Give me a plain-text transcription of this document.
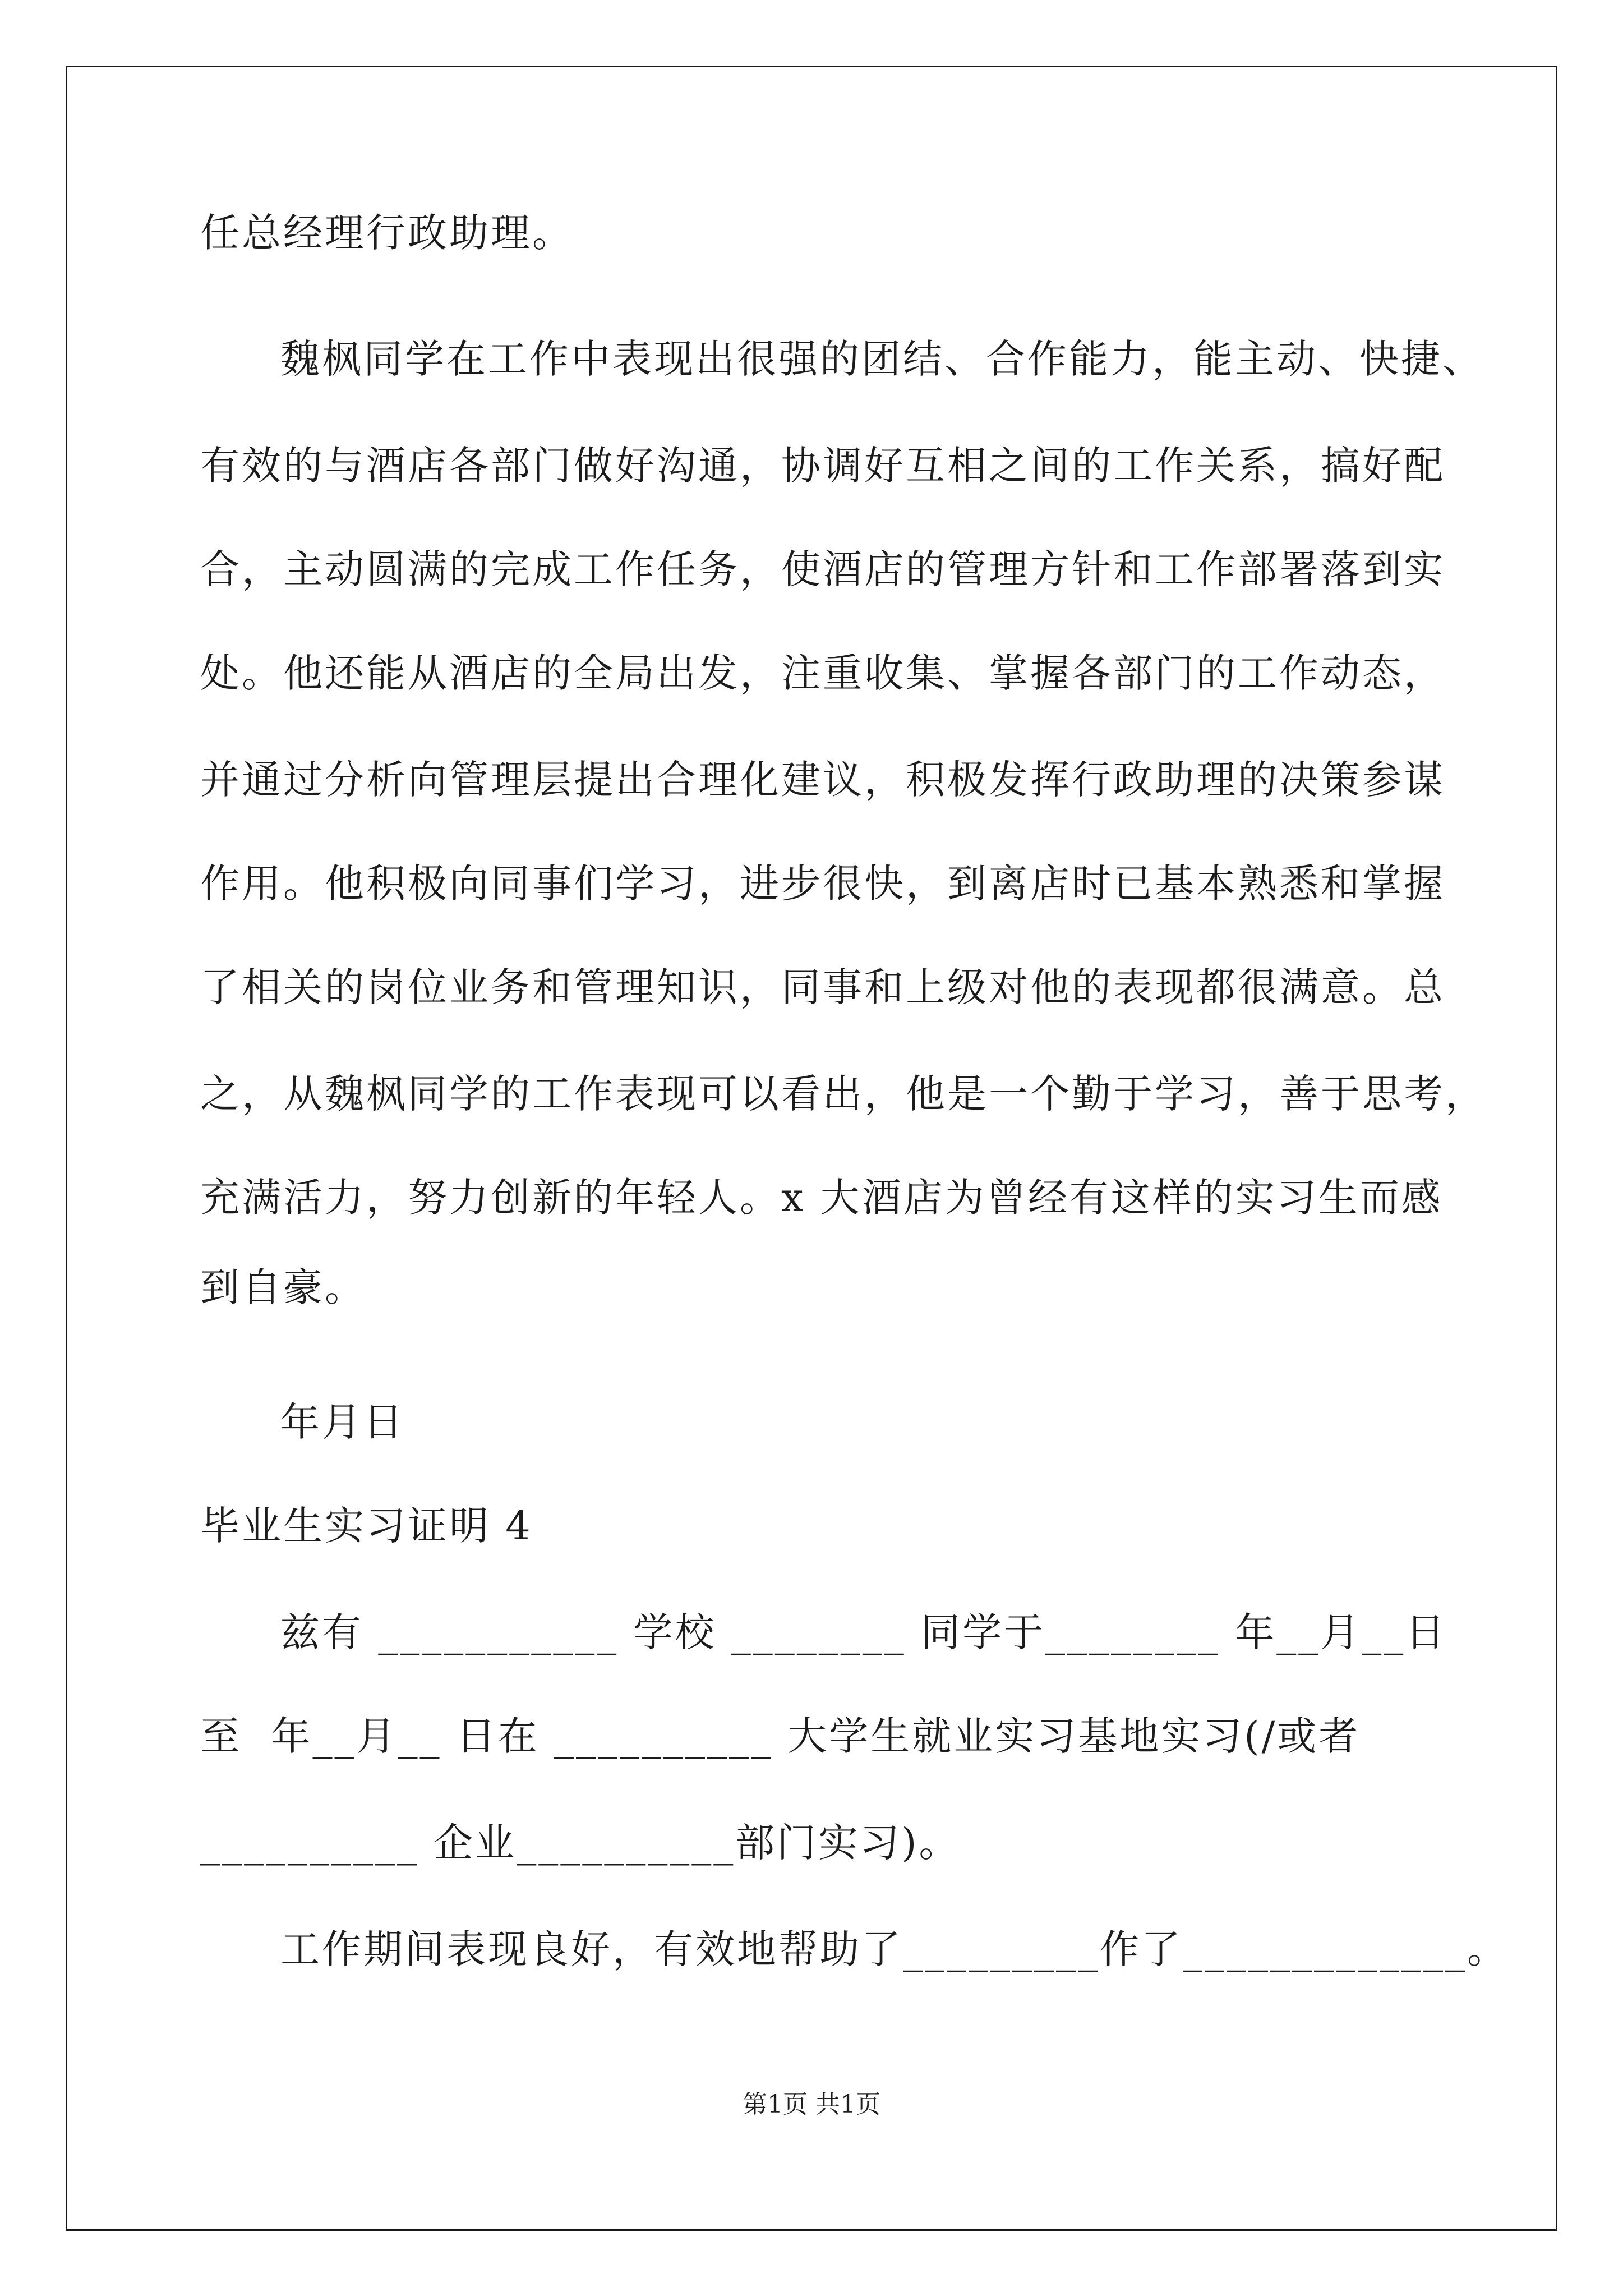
任总经理行政助理。
魏枫同学在工作中表现出很强的团结、合作能力，能主动、快捷、
有效的与酒店各部门做好沟通，协调好互相之间的工作关系，搞好配
合，主动圆满的完成工作任务，使酒店的管理方针和工作部署落到实
处。他还能从酒店的全局出发，注重收集、掌握各部门的工作动态，
并通过分析向管理层提出合理化建议，积极发挥行政助理的决策参谋
作用。他积极向同事们学习，进步很快，到离店时已基本熟悉和掌握
了相关的岗位业务和管理知识，同事和上级对他的表现都很满意。总
之，从魏枫同学的工作表现可以看出，他是一个勤于学习，善于思考，
充满活力，努力创新的年轻人。x 大酒店为曾经有这样的实习生而感
到自豪。
年月日
毕业生实习证明 4
兹有 ___________ 学校 ________ 同学于________ 年__月__日
至  年__月__ 日在 __________ 大学生就业实习基地实习(/或者
__________ 企业__________部门实习)。
工作期间表现良好，有效地帮助了_________作了_____________。
第1页 共1页
